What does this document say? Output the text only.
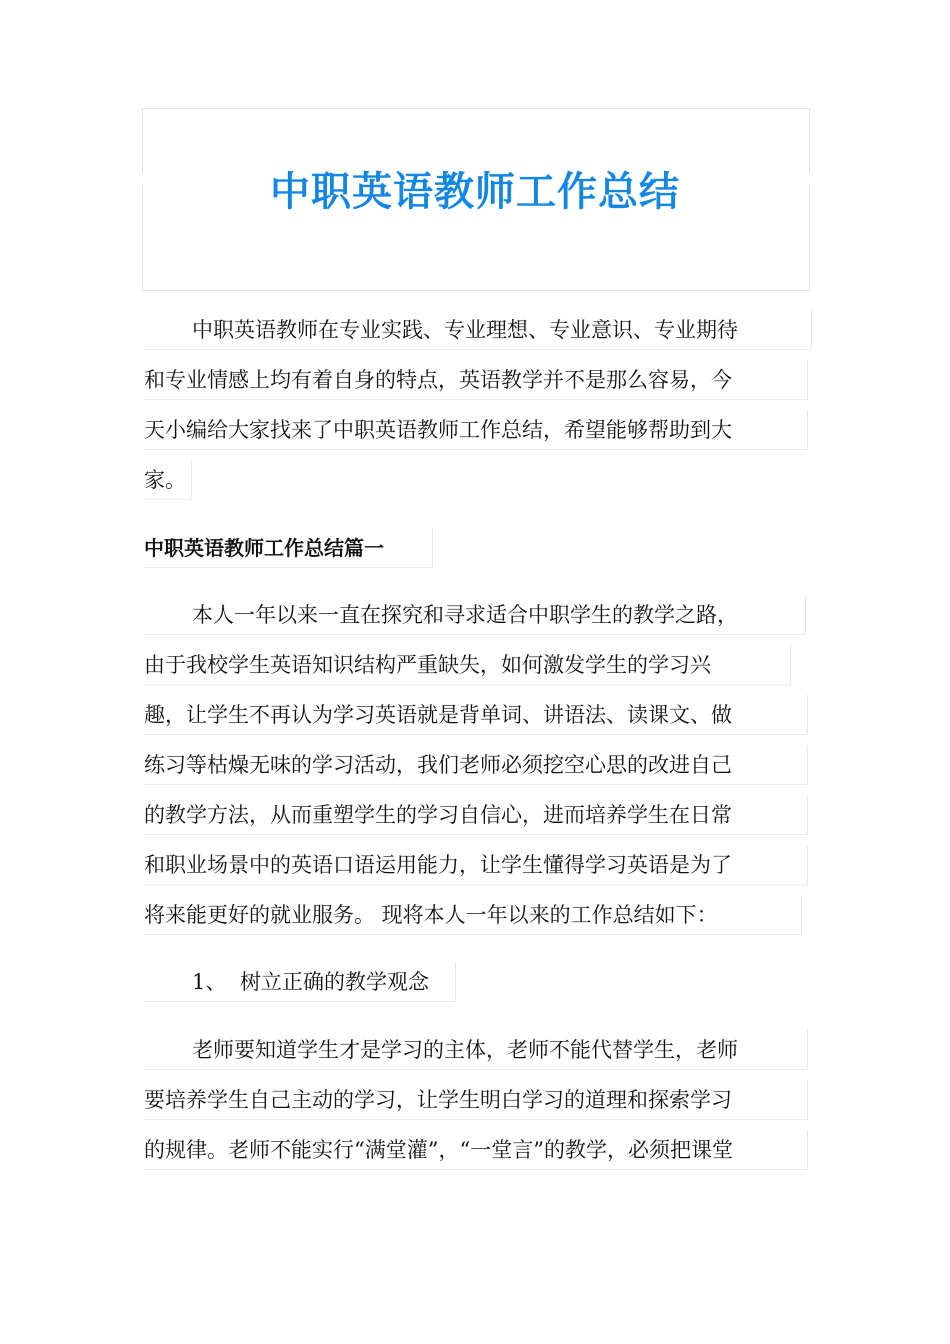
中职英语教师工作总结
中职英语教师在专业实践、专业理想、专业意识、专业期待
和专业情感上均有着自身的特点，英语教学并不是那么容易，今
天小编给大家找来了中职英语教师工作总结，希望能够帮助到大
家。
中职英语教师工作总结篇一
本人一年以来一直在探究和寻求适合中职学生的教学之路，
由于我校学生英语知识结构严重缺失，如何激发学生的学习兴
趣，让学生不再认为学习英语就是背单词、讲语法、读课文、做
练习等枯燥无味的学习活动，我们老师必须挖空心思的改进自己
的教学方法，从而重塑学生的学习自信心，进而培养学生在日常
和职业场景中的英语口语运用能力，让学生懂得学习英语是为了
将来能更好的就业服务。 现将本人一年以来的工作总结如下：
1、 树立正确的教学观念
老师要知道学生才是学习的主体，老师不能代替学生，老师
要培养学生自己主动的学习，让学生明白学习的道理和探索学习
的规律。老师不能实行“满堂灌”，“一堂言”的教学，必须把课堂
